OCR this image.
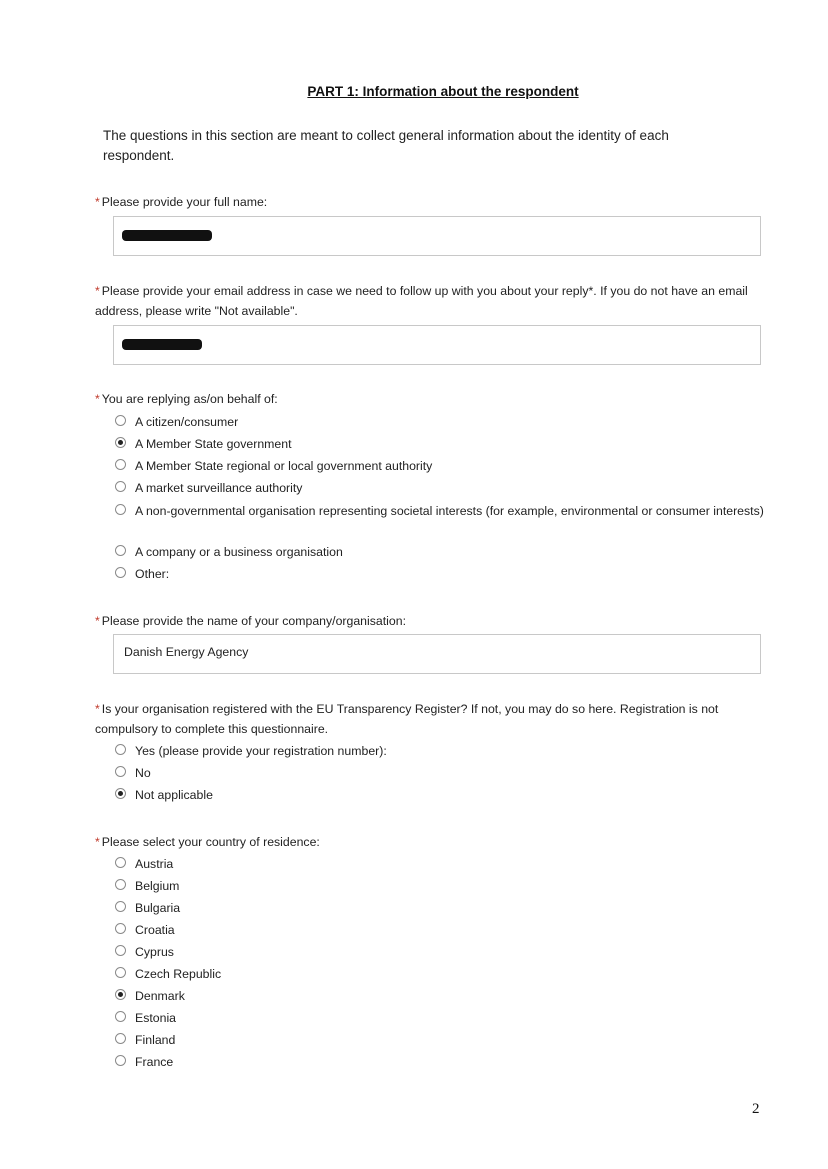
PART 1: Information about the respondent
The questions in this section are meant to collect general information about the identity of each respondent.
* Please provide your full name:
* Please provide your email address in case we need to follow up with you about your reply*. If you do not have an email address, please write "Not available".
* You are replying as/on behalf of:
A citizen/consumer
A Member State government
A Member State regional or local government authority
A market surveillance authority
A non-governmental organisation representing societal interests (for example, environmental or consumer interests)
A company or a business organisation
Other:
* Please provide the name of your company/organisation:
Danish Energy Agency
* Is your organisation registered with the EU Transparency Register? If not, you may do so here. Registration is not compulsory to complete this questionnaire.
Yes (please provide your registration number):
No
Not applicable
* Please select your country of residence:
Austria
Belgium
Bulgaria
Croatia
Cyprus
Czech Republic
Denmark
Estonia
Finland
France
2
